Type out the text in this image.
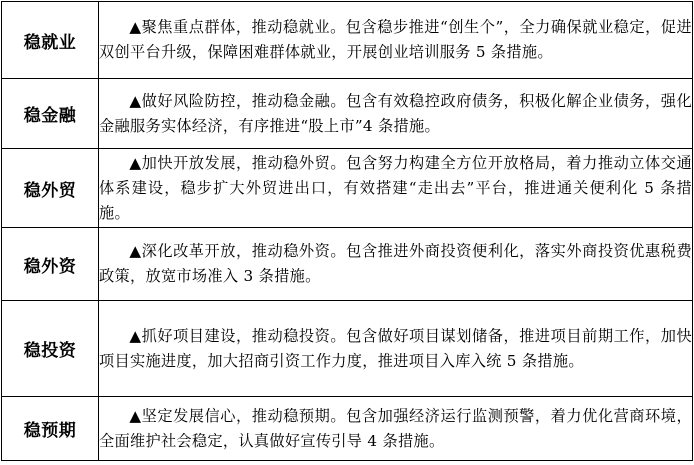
稳就业	▲聚焦重点群体，推动稳就业。包含稳步推进“创生个”，全力确保就业稳定，促进双创平台升级，保障困难群体就业，开展创业培训服务 5 条措施。
稳金融	▲做好风险防控，推动稳金融。包含有效稳控政府债务，积极化解企业债务，强化金融服务实体经济，有序推进“股上市”4 条措施。
稳外贸	▲加快开放发展，推动稳外贸。包含努力构建全方位开放格局，着力推动立体交通体系建设，稳步扩大外贸进出口，有效搭建“走出去”平台，推进通关便利化 5 条措施。
稳外资	▲深化改革开放，推动稳外资。包含推进外商投资便利化，落实外商投资优惠税费政策，放宽市场准入 3 条措施。
稳投资	▲抓好项目建设，推动稳投资。包含做好项目谋划储备，推进项目前期工作，加快项目实施进度，加大招商引资工作力度，推进项目入库入统 5 条措施。
稳预期	▲坚定发展信心，推动稳预期。包含加强经济运行监测预警，着力优化营商环境，全面维护社会稳定，认真做好宣传引导 4 条措施。
